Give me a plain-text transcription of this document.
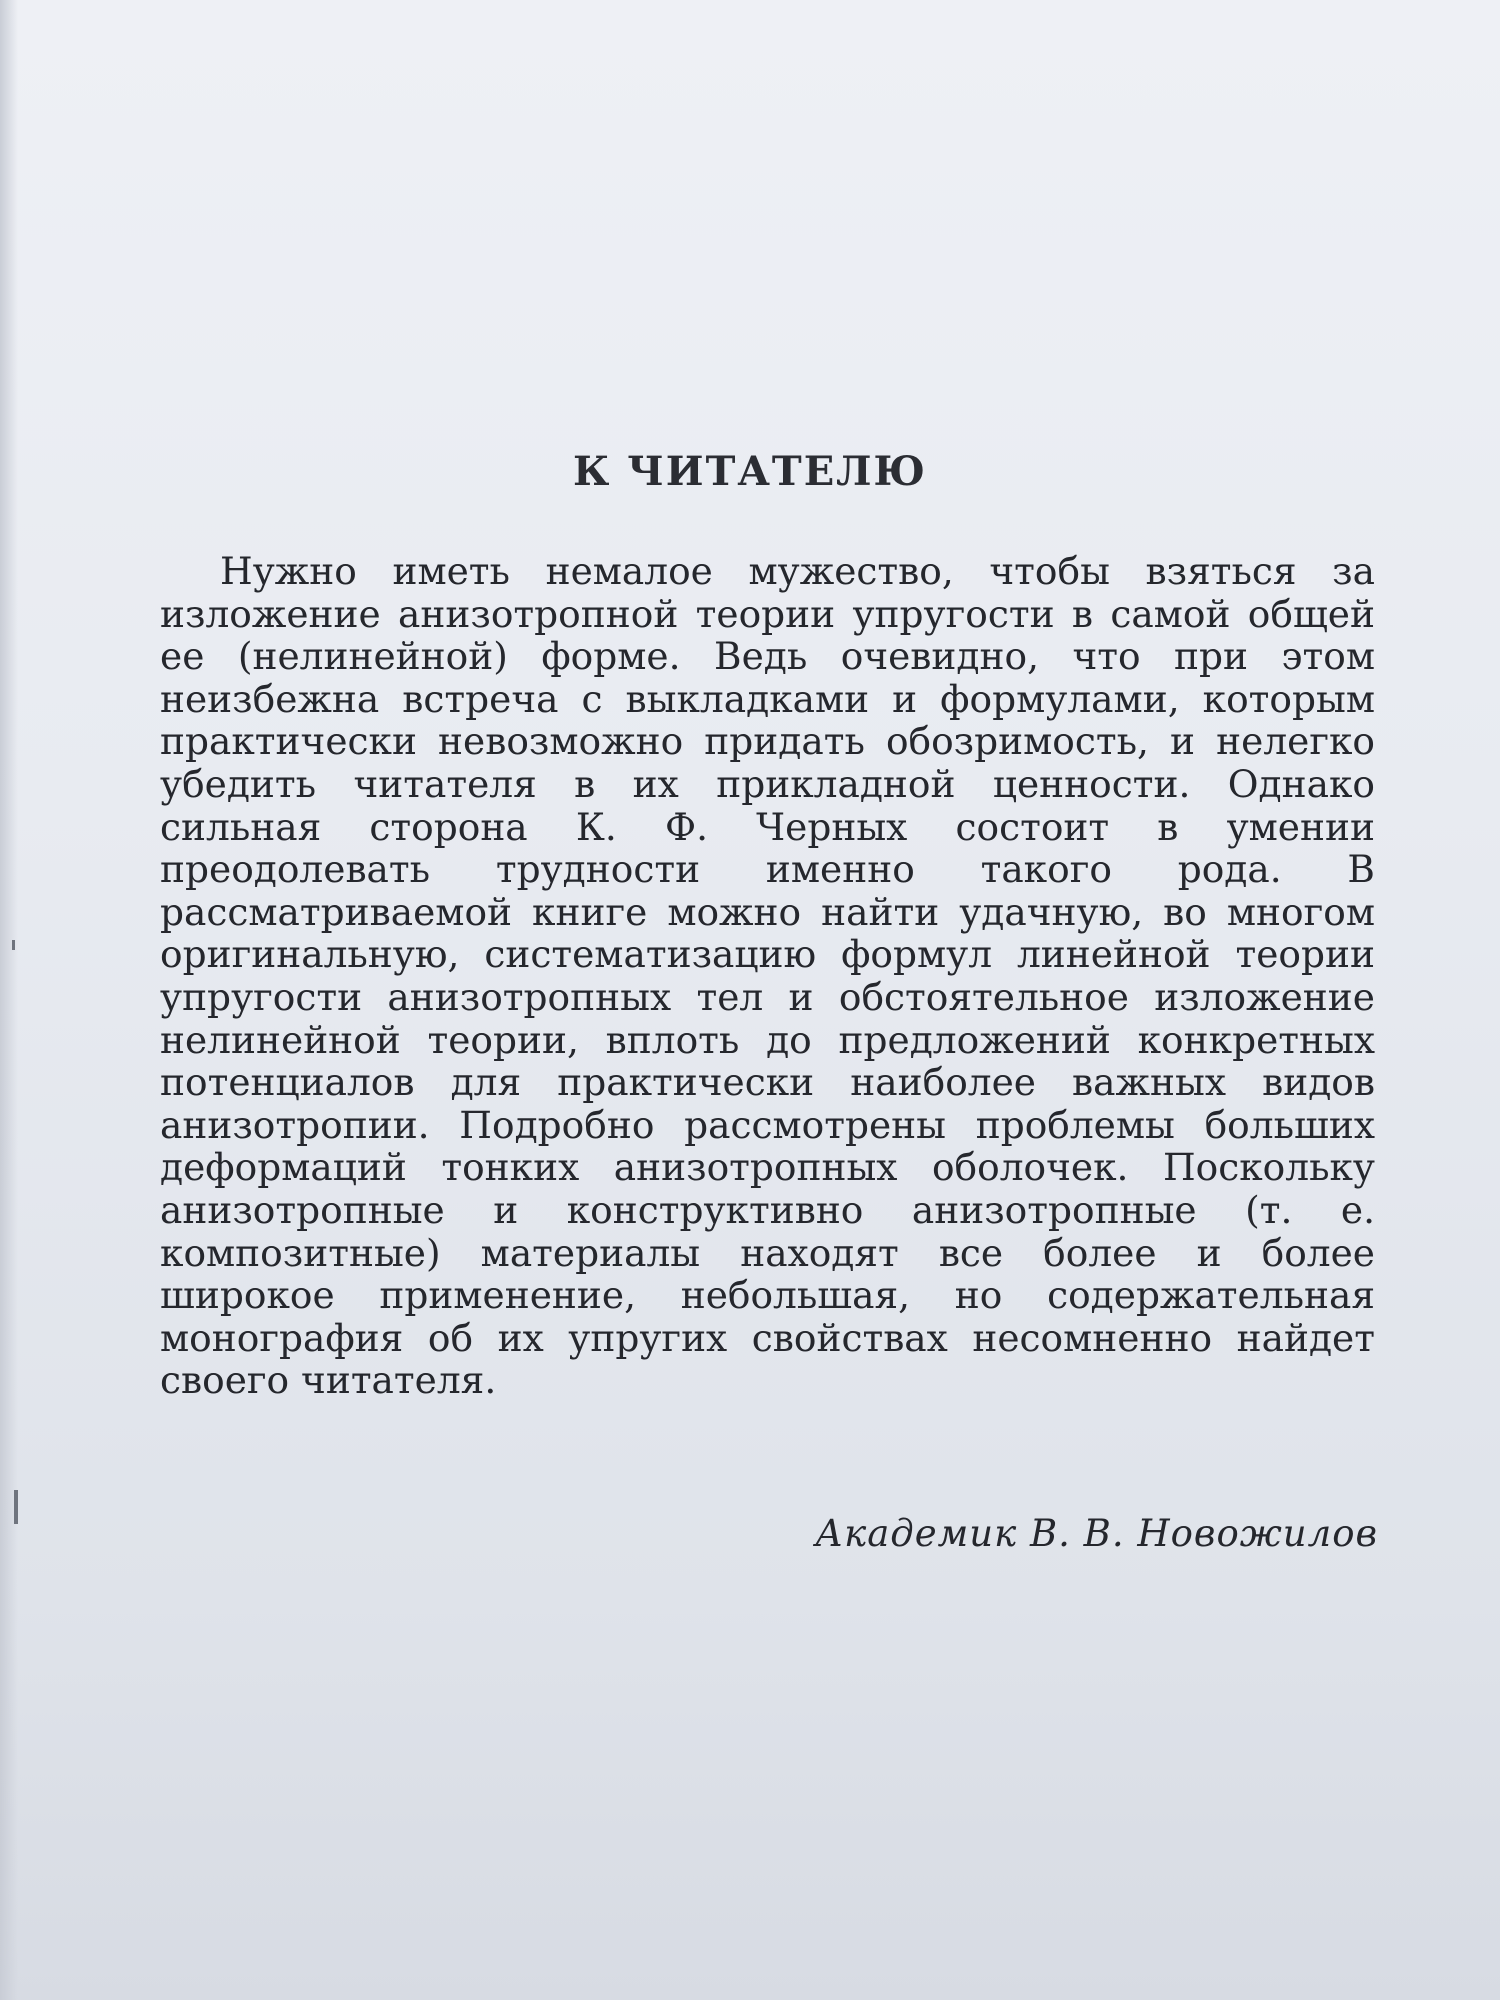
К ЧИТАТЕЛЮ

Нужно иметь немалое мужество, чтобы взяться за изложение анизотропной теории упругости в самой общей ее (нелинейной) форме. Ведь очевидно, что при этом неизбежна встреча с выкладками и формулами, которым практически невозможно придать обозримость, и нелегко убедить читателя в их прикладной ценности. Однако сильная сторона К. Ф. Черных состоит в умении преодолевать трудности именно такого рода. В рассматриваемой книге можно найти удачную, во многом оригинальную, систематизацию формул линейной теории упругости анизотропных тел и обстоятельное изложение нелинейной теории, вплоть до предложений конкретных потенциалов для практически наиболее важных видов анизотропии. Подробно рассмотрены проблемы больших деформаций тонких анизотропных оболочек. Поскольку анизотропные и конструктивно анизотропные (т. е. композитные) материалы находят все более и более широкое применение, небольшая, но содержательная монография об их упругих свойствах несомненно найдет своего читателя.

Академик В. В. Новожилов
